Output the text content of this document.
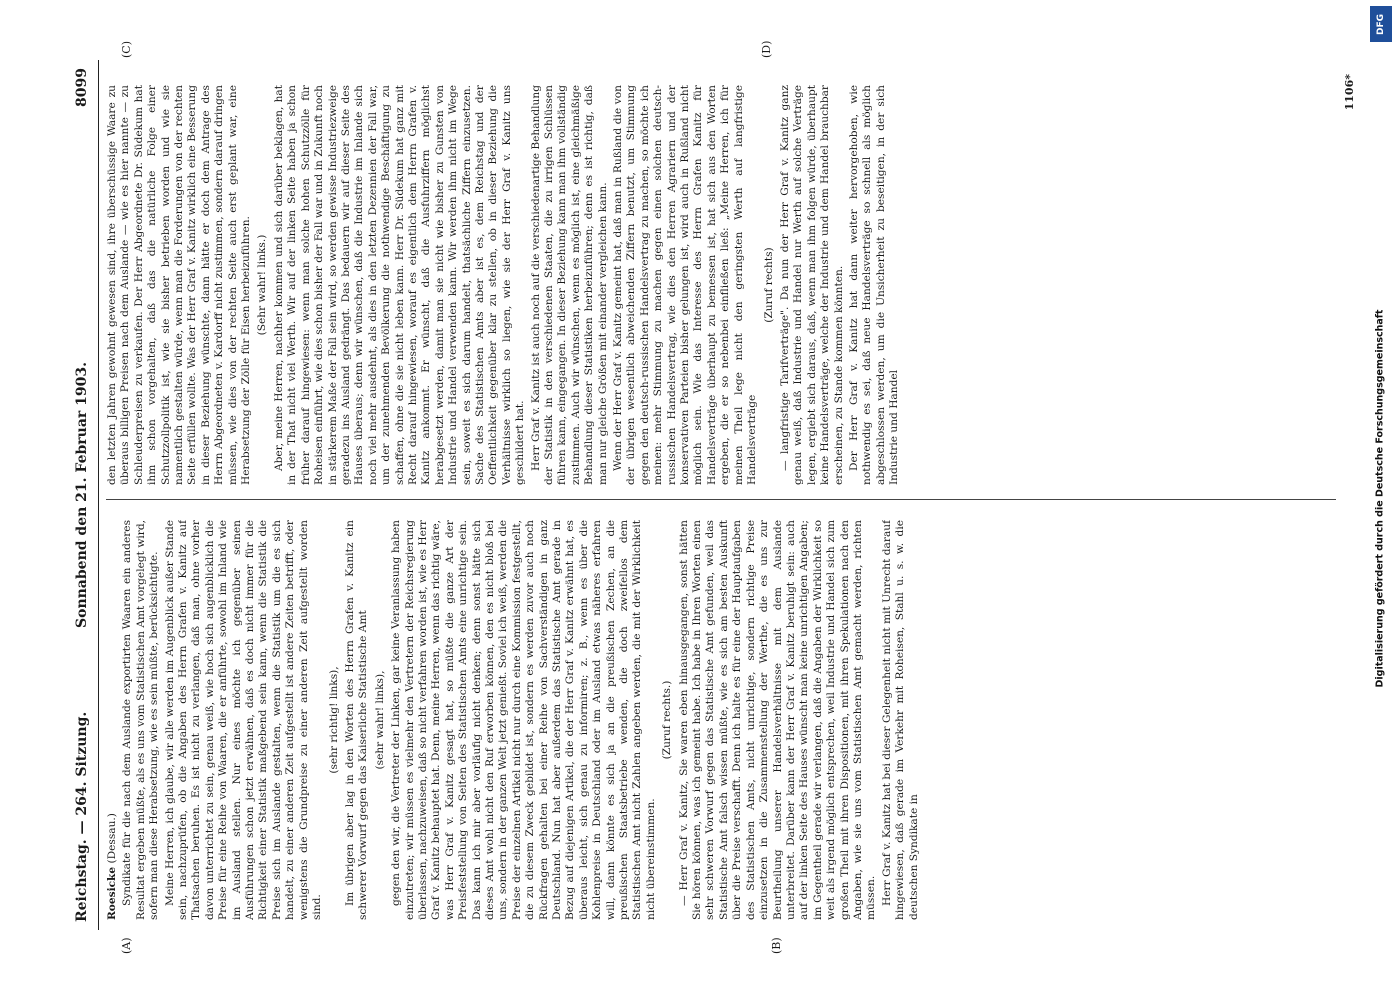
Reichstag. — 264. Sitzung.
Sonnabend den 21. Februar 1903.
8099
(A)	(B)
(C)	(D)

Roesicke (Dessau.) Syndikate für die nach dem Auslande exportirten Waaren ein anderes Resultat ergeben müßte, als es uns vom Statistischen Amt vorgelegt wird, sofern man diese Herabsetzung, wie es sein müßte, berücksichtigte. Meine Herren, ich glaube, wir alle werden im Augenblick außer Stande sein, nachzuprüfen, ob die Angaben des Herrn Grafen v. Kanitz auf Thatsachen beruhen. Es ist nicht zu verlangen, daß man, ohne vorher davon unterrichtet zu sein, genau weiß, wie hoch sich augenblicklich die Preise für eine Reihe von Waaren, die er anführte, sowohl im Inland wie im Ausland stellen. Nur eines möchte ich gegenüber seinen Ausführungen schon jetzt erwähnen, daß es doch nicht immer für die Richtigkeit einer Statistik maßgebend sein kann, wenn die Statistik die Preise sich im Auslande gestalten, wenn die Statistik um die es sich handelt, zu einer anderen Zeit aufgestellt ist andere Zeiten betrifft, oder wenigstens die Grundpreise zu einer anderen Zeit aufgestellt worden sind.

(sehr richtig! links), Im übrigen aber lag in den Worten des Herrn Grafen v. Kanitz ein schwerer Vorwurf gegen das Kaiserliche Statistische Amt (sehr wahr! links), gegen den wir, die Vertreter der Linken, gar keine Veranlassung haben einzutreten; wir müssen es vielmehr den Vertretern der Reichsregierung überlassen, nachzuweisen, daß so nicht verfahren worden ist, wie es Herr Graf v. Kanitz behauptet hat. Denn, meine Herren, wenn das richtig wäre, was Herr Graf v. Kanitz gesagt hat, so müßte die ganze Art der Preisfeststellung von Seiten des Statistischen Amts eine unrichtige sein. Das kann ich mir aber vorläufig nicht denken; denn sonst hätte sich dieses Amt wohl nicht den Ruf erworben können, den es nicht bloß bei uns, sondern in der ganzen Welt jetzt genießt. Soviel ich weiß, werden die Preise der einzelnen Artikel nicht nur durch eine Kommission festgestellt, die zu diesem Zweck gebildet ist, sondern es werden zuvor auch noch Rückfragen gehalten bei einer Reihe von Sachverständigen in ganz Deutschland. Nun hat aber außerdem das Statistische Amt gerade in Bezug auf diejenigen Artikel, die der Herr Graf v. Kanitz erwähnt hat, es überaus leicht, sich genau zu informiren; z. B., wenn es über die Kohlenpreise in Deutschland oder im Ausland etwas näheres erfahren will, dann könnte es sich ja an die preußischen Zechen, an die preußischen Staatsbetriebe wenden, die doch zweifellos dem Statistischen Amt nicht Zahlen angeben werden, die mit der Wirklichkeit nicht übereinstimmen.

(Zuruf rechts.) — Herr Graf v. Kanitz, Sie waren eben hinausgegangen, sonst hätten Sie hören können, was ich gemeint habe. Ich habe in Ihren Worten einen sehr schweren Vorwurf gegen das Statistische Amt gefunden, weil das Statistische Amt falsch wissen müßte, wie es sich am besten Auskunft über die Preise verschafft. Denn ich halte es für eine der Hauptaufgaben des Statistischen Amts, nicht unrichtige, sondern richtige Preise einzusetzen in die Zusammenstellung der Werthe, die es uns zur Beurtheilung unserer Handelsverhältnisse mit dem Auslande unterbreitet. Darüber kann der Herr Graf v. Kanitz beruhigt sein: auch auf der linken Seite des Hauses wünscht man keine unrichtigen Angaben; im Gegentheil gerade wir verlangen, daß die Angaben der Wirklichkeit so weit als irgend möglich entsprechen, weil Industrie und Handel sich zum großen Theil mit ihren Dispositionen, mit ihren Spekulationen nach den Angaben, wie sie uns vom Statistischen Amt gemacht werden, richten müssen. Herr Graf v. Kanitz hat bei dieser Gelegenheit nicht mit Unrecht darauf hingewiesen, daß gerade im Verkehr mit Roheisen, Stahl u. s. w. die deutschen Syndikate in

den letzten Jahren gewohnt gewesen sind, ihre überschüssige Waare zu überaus billigen Preisen nach dem Auslande — wie es hier nannte — zu Schleuderpreisen zu verkaufen. Der Herr Abgeordnete Dr. Südekum hat ihm schon vorgehalten, daß das die natürliche Folge einer Schutzzollpolitik ist, wie sie bisher betrieben worden und wie sie namentlich gestalten würde, wenn man die Forderungen von der rechten Seite erfüllen wollte. Was der Herr Graf v. Kanitz wirklich eine Besserung in dieser Beziehung wünschte, dann hätte er doch dem Antrage des Herrn Abgeordneten v. Kardorff nicht zustimmen, sondern darauf dringen müssen, wie dies von der rechten Seite auch erst geplant war, eine Herabsetzung der Zölle für Eisen herbeizuführen. (Sehr wahr! links.) Aber, meine Herren, nachher kommen und sich darüber beklagen, hat in der That nicht viel Werth. Wir auf der linken Seite haben ja schon früher darauf hingewiesen: wenn man solche hohen Schutzzölle für Roheisen einführt, wie dies schon bisher der Fall war und in Zukunft noch in stärkerem Maße der Fall sein wird, so werden gewisse Industriezweige geradezu ins Ausland gedrängt. Das bedauern wir auf dieser Seite des Hauses überaus; denn wir wünschen, daß die Industrie im Inlande sich noch viel mehr ausdehnt, als dies in den letzten Dezennien der Fall war, um der zunehmenden Bevölkerung die nothwendige Beschäftigung zu schaffen, ohne die sie nicht leben kann. Herr Dr. Südekum hat ganz mit Recht darauf hingewiesen, worauf es eigentlich dem Herrn Grafen v. Kanitz ankommt. Er wünscht, daß die Ausfuhrziffern möglichst herabgesetzt werden, damit man sie nicht wie bisher zu Gunsten von Industrie und Handel verwenden kann. Wir werden ihm nicht im Wege sein, soweit es sich darum handelt, thatsächliche Ziffern einzusetzen. Sache des Statistischen Amts aber ist es, dem Reichstag und der Oeffentlichkeit gegenüber klar zu stellen, ob in dieser Beziehung die Verhältnisse wirklich so liegen, wie sie der Herr Graf v. Kanitz uns geschildert hat. Herr Graf v. Kanitz ist auch noch auf die verschiedenartige Behandlung der Statistik in den verschiedenen Staaten, die zu irrigen Schlüssen führen kann, eingegangen. In dieser Beziehung kann man ihm vollständig zustimmen. Auch wir wünschen, wenn es möglich ist, eine gleichmäßige Behandlung dieser Statistiken herbeizuführen; denn es ist richtig, daß man nur gleiche Größen mit einander vergleichen kann. Wenn der Herr Graf v. Kanitz gemeint hat, daß man in Rußland die von der übrigen wesentlich abweichenden Ziffern benutzt, um Stimmung gegen den deutsch-russischen Handelsvertrag zu machen, so möchte ich meinen: mehr Stimmung zu machen gegen einen solchen deutsch-russischen Handelsvertrag, wie dies den Herren Agrariern und der konservativen Parteien bisher gelungen ist, wird auch in Rußland nicht möglich sein. Wie das Interesse des Herrn Grafen Kanitz für Handelsverträge überhaupt zu bemessen ist, hat sich aus den Worten ergeben, die er so nebenbei einfließen ließ: „Meine Herren, ich für meinen Theil lege nicht den geringsten Werth auf langfristige Handelsverträge

(Zuruf rechts) — langfristige Tarifverträge". Da nun der Herr Graf v. Kanitz ganz genau weiß, daß Industrie und Handel nur Werth auf solche Verträge legen, ergiebt sich daraus, daß, wenn man ihm folgen würde, überhaupt keine Handelsverträge, welche der Industrie und dem Handel brauchbar erscheinen, zu Stande kommen könnten. Der Herr Graf v. Kanitz hat dann weiter hervorgehoben, wie nothwendig es sei, daß neue Handelsverträge so schnell als möglich abgeschlossen werden, um die Unsicherheit zu beseitigen, in der sich Industrie und Handel

1106*
DFG
Digitalisierung gefördert durch die Deutsche Forschungsgemeinschaft
